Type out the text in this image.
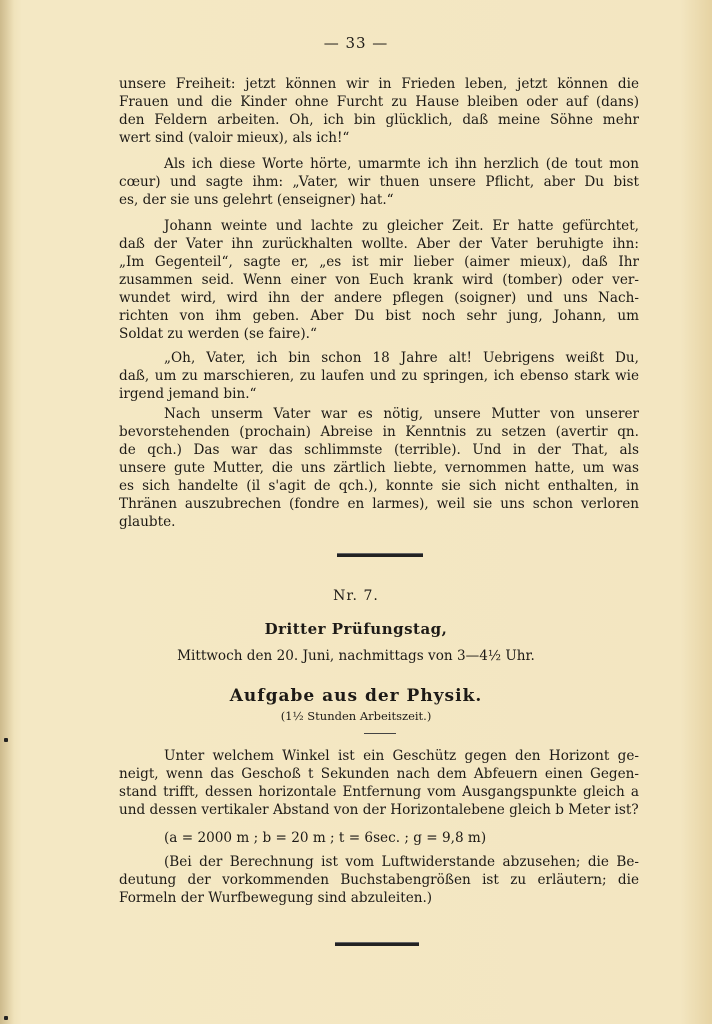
— 33 —
unsere Freiheit: jetzt können wir in Frieden leben, jetzt können die
Frauen und die Kinder ohne Furcht zu Hause bleiben oder auf (dans)
den Feldern arbeiten. Oh, ich bin glücklich, daß meine Söhne mehr
wert sind (valoir mieux), als ich!“
Als ich diese Worte hörte, umarmte ich ihn herzlich (de tout mon
cœur) und sagte ihm: „Vater, wir thuen unsere Pflicht, aber Du bist
es, der sie uns gelehrt (enseigner) hat.“
Johann weinte und lachte zu gleicher Zeit. Er hatte gefürchtet,
daß der Vater ihn zurückhalten wollte. Aber der Vater beruhigte ihn:
„Im Gegenteil“, sagte er, „es ist mir lieber (aimer mieux), daß Ihr
zusammen seid. Wenn einer von Euch krank wird (tomber) oder ver-
wundet wird, wird ihn der andere pflegen (soigner) und uns Nach-
richten von ihm geben. Aber Du bist noch sehr jung, Johann, um
Soldat zu werden (se faire).“
„Oh, Vater, ich bin schon 18 Jahre alt! Uebrigens weißt Du,
daß, um zu marschieren, zu laufen und zu springen, ich ebenso stark wie
irgend jemand bin.“
Nach unserm Vater war es nötig, unsere Mutter von unserer
bevorstehenden (prochain) Abreise in Kenntnis zu setzen (avertir qn.
de qch.) Das war das schlimmste (terrible). Und in der That, als
unsere gute Mutter, die uns zärtlich liebte, vernommen hatte, um was
es sich handelte (il s'agit de qch.), konnte sie sich nicht enthalten, in
Thränen auszubrechen (fondre en larmes), weil sie uns schon verloren
glaubte.
Nr. 7.
Dritter Prüfungstag,
Mittwoch den 20. Juni, nachmittags von 3—4½ Uhr.
Aufgabe aus der Physik.
(1½ Stunden Arbeitszeit.)
Unter welchem Winkel ist ein Geschütz gegen den Horizont ge-
neigt, wenn das Geschoß t Sekunden nach dem Abfeuern einen Gegen-
stand trifft, dessen horizontale Entfernung vom Ausgangspunkte gleich a
und dessen vertikaler Abstand von der Horizontalebene gleich b Meter ist?
(a = 2000 m ; b = 20 m ; t = 6sec. ; g = 9,8 m)
(Bei der Berechnung ist vom Luftwiderstande abzusehen; die Be-
deutung der vorkommenden Buchstabengrößen ist zu erläutern; die
Formeln der Wurfbewegung sind abzuleiten.)
